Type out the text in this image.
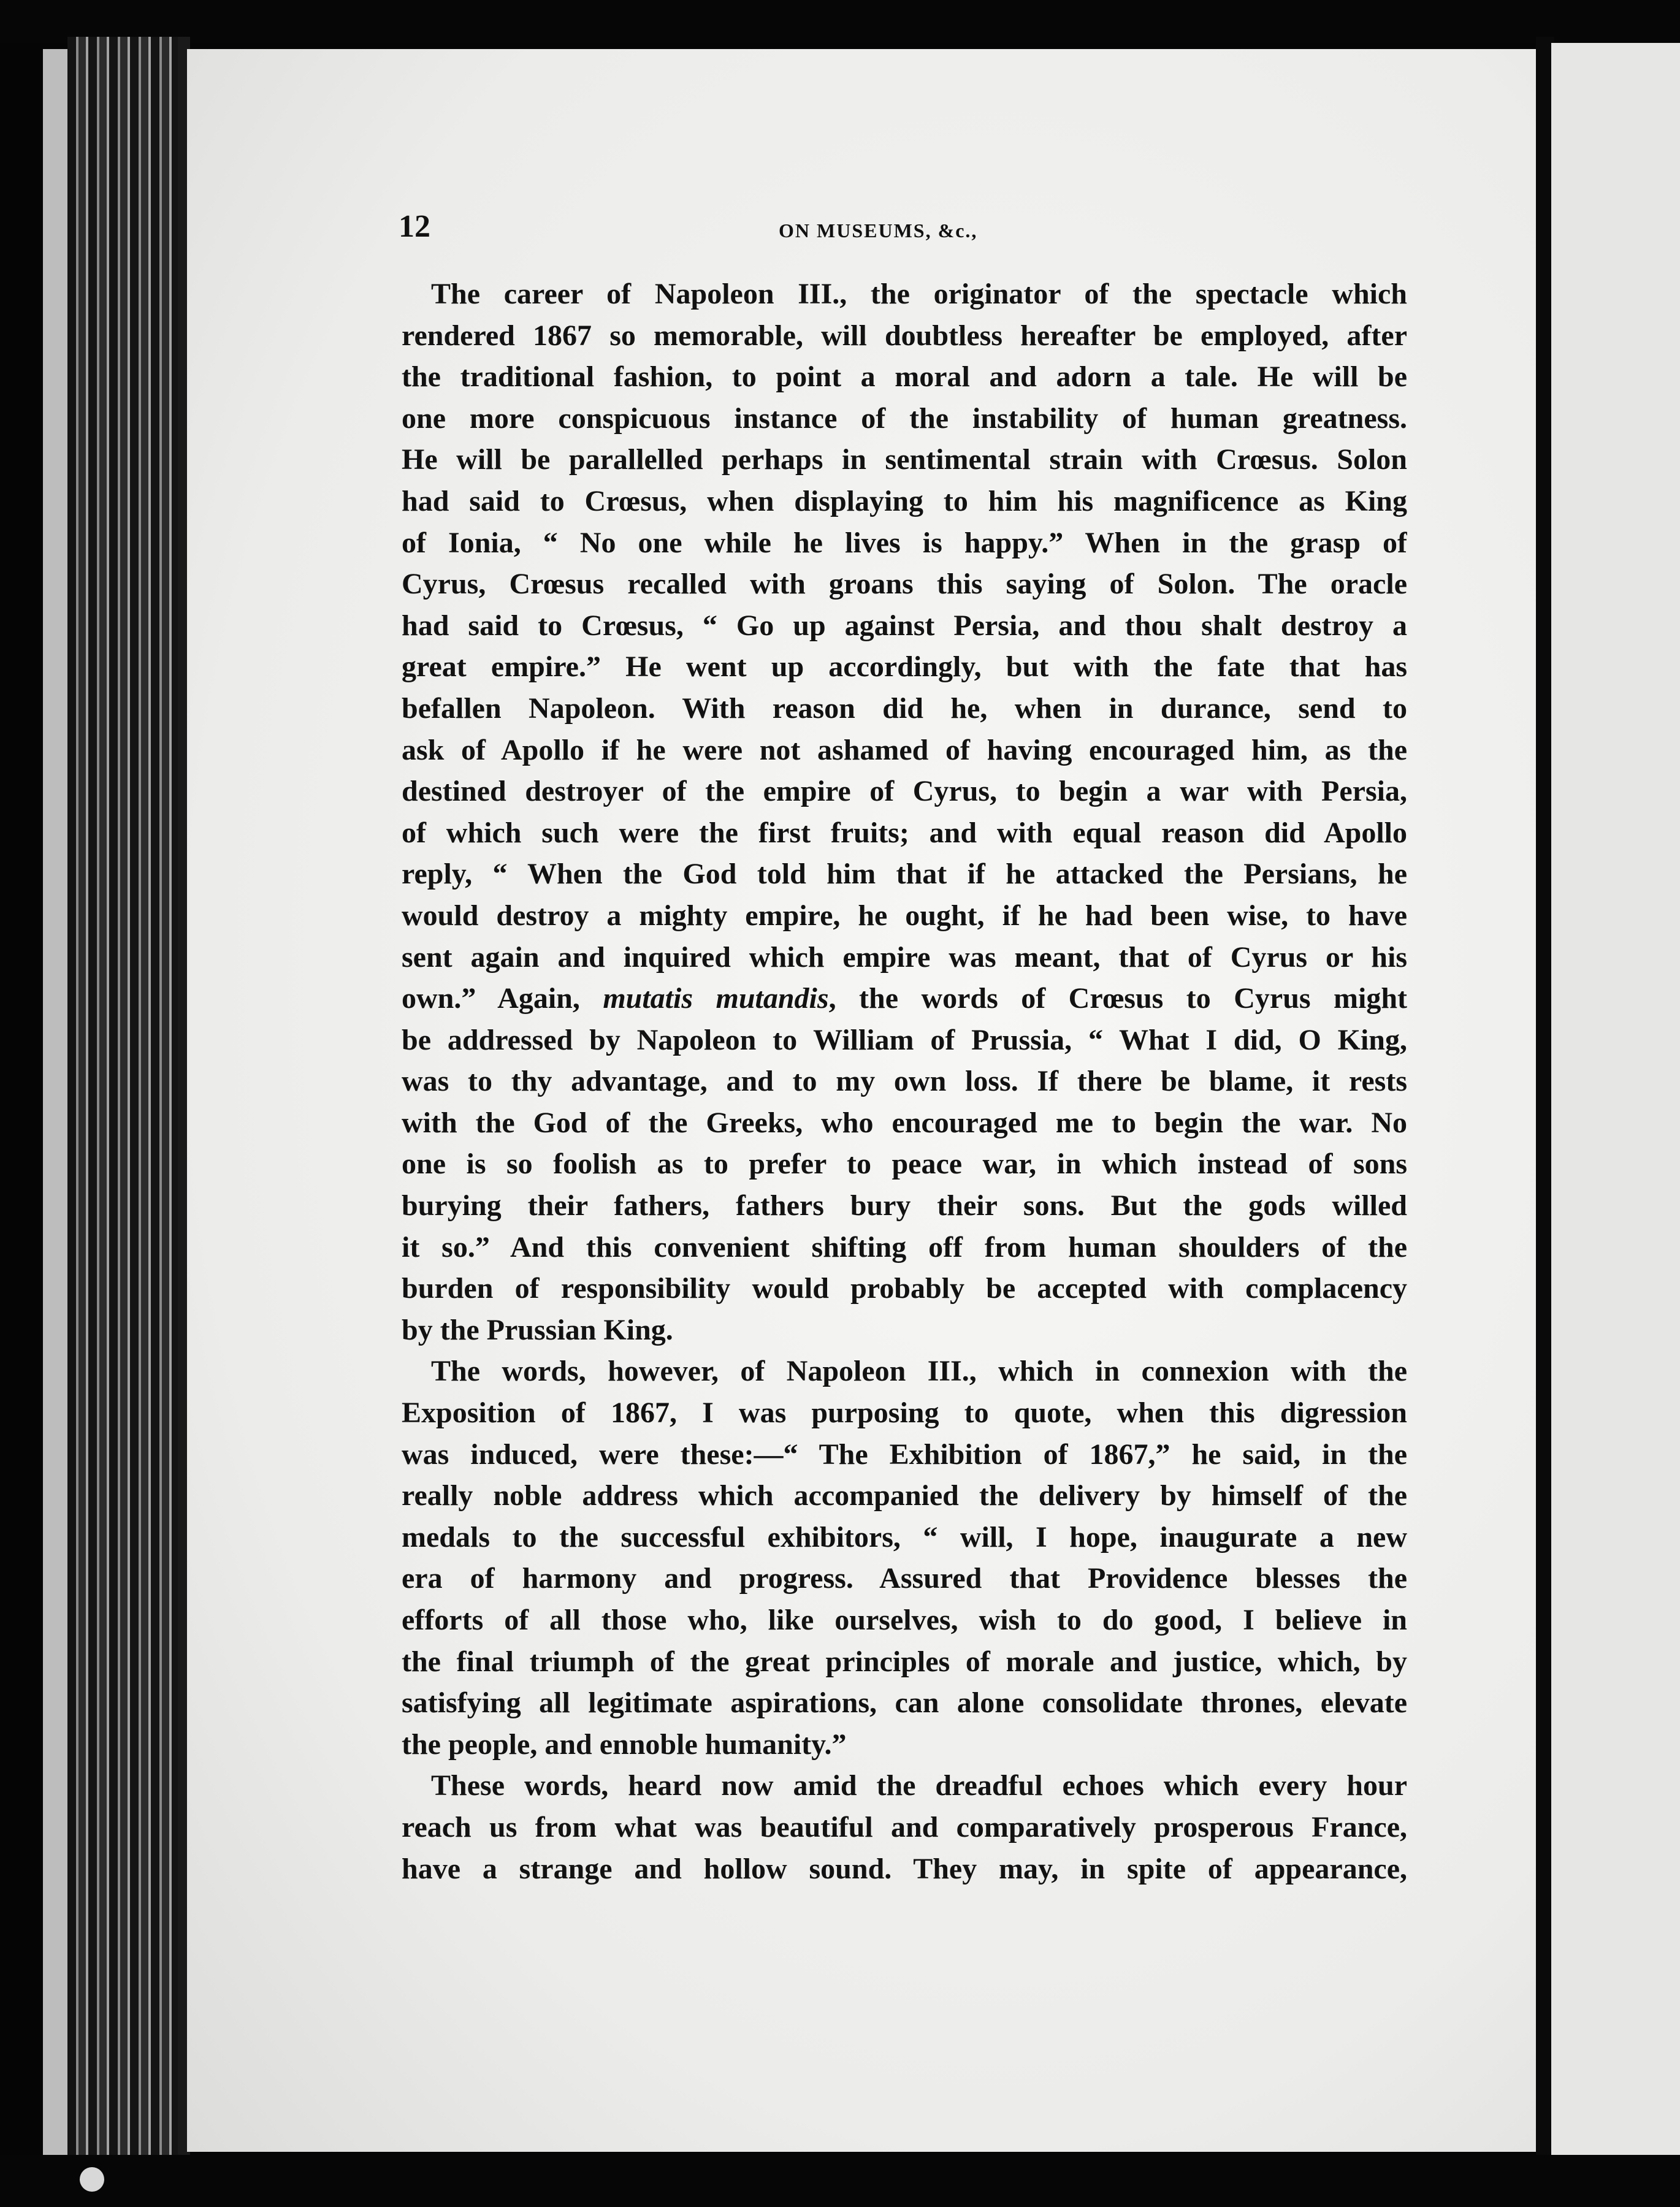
12	ON MUSEUMS, &c.,
The career of Napoleon III., the originator of the spectacle which
rendered 1867 so memorable, will doubtless hereafter be employed, after
the traditional fashion, to point a moral and adorn a tale. He will be
one more conspicuous instance of the instability of human greatness.
He will be parallelled perhaps in sentimental strain with Crœsus. Solon
had said to Crœsus, when displaying to him his magnificence as King
of Ionia, “ No one while he lives is happy.” When in the grasp of
Cyrus, Crœsus recalled with groans this saying of Solon. The oracle
had said to Crœsus, “ Go up against Persia, and thou shalt destroy a
great empire.” He went up accordingly, but with the fate that has
befallen Napoleon. With reason did he, when in durance, send to
ask of Apollo if he were not ashamed of having encouraged him, as the
destined destroyer of the empire of Cyrus, to begin a war with Persia,
of which such were the first fruits; and with equal reason did Apollo
reply, “ When the God told him that if he attacked the Persians, he
would destroy a mighty empire, he ought, if he had been wise, to have
sent again and inquired which empire was meant, that of Cyrus or his
own.” Again, mutatis mutandis, the words of Crœsus to Cyrus might
be addressed by Napoleon to William of Prussia, “ What I did, O King,
was to thy advantage, and to my own loss. If there be blame, it rests
with the God of the Greeks, who encouraged me to begin the war. No
one is so foolish as to prefer to peace war, in which instead of sons
burying their fathers, fathers bury their sons. But the gods willed
it so.” And this convenient shifting off from human shoulders of the
burden of responsibility would probably be accepted with complacency
by the Prussian King.
The words, however, of Napoleon III., which in connexion with the
Exposition of 1867, I was purposing to quote, when this digression
was induced, were these:—“ The Exhibition of 1867,” he said, in the
really noble address which accompanied the delivery by himself of the
medals to the successful exhibitors, “ will, I hope, inaugurate a new
era of harmony and progress. Assured that Providence blesses the
efforts of all those who, like ourselves, wish to do good, I believe in
the final triumph of the great principles of morale and justice, which, by
satisfying all legitimate aspirations, can alone consolidate thrones, elevate
the people, and ennoble humanity.”
These words, heard now amid the dreadful echoes which every hour
reach us from what was beautiful and comparatively prosperous France,
have a strange and hollow sound. They may, in spite of appearance,
